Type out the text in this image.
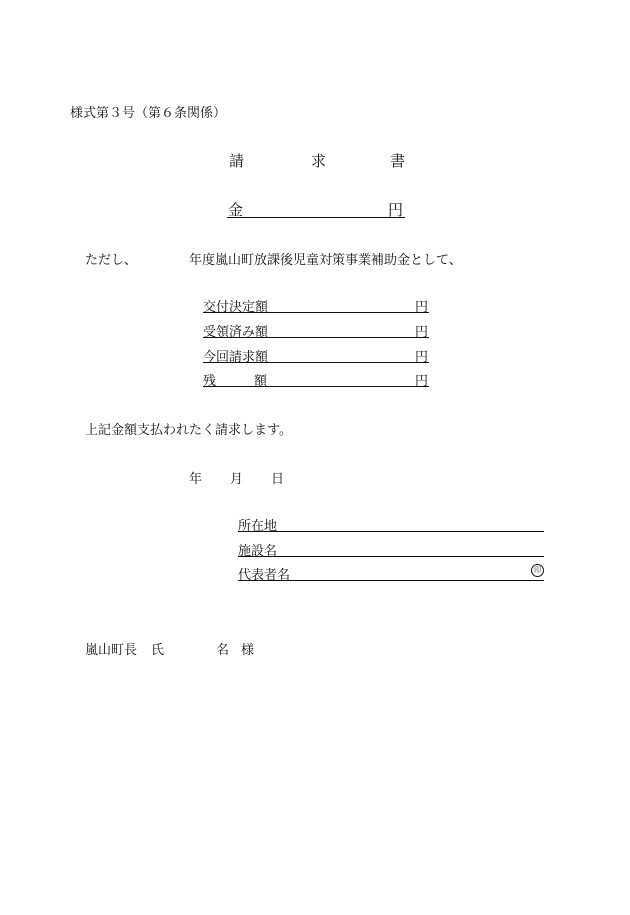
様式第３号（第６条関係）
請	求	書
金	円
ただし、	年度嵐山町放課後児童対策事業補助金として、
交付決定額	円
受領済み額	円
今回請求額	円
残　　額	円
上記金額支払われたく請求します。
年 月 日
所在地
施設名
代表者名	印
嵐山町長 氏	名 様
